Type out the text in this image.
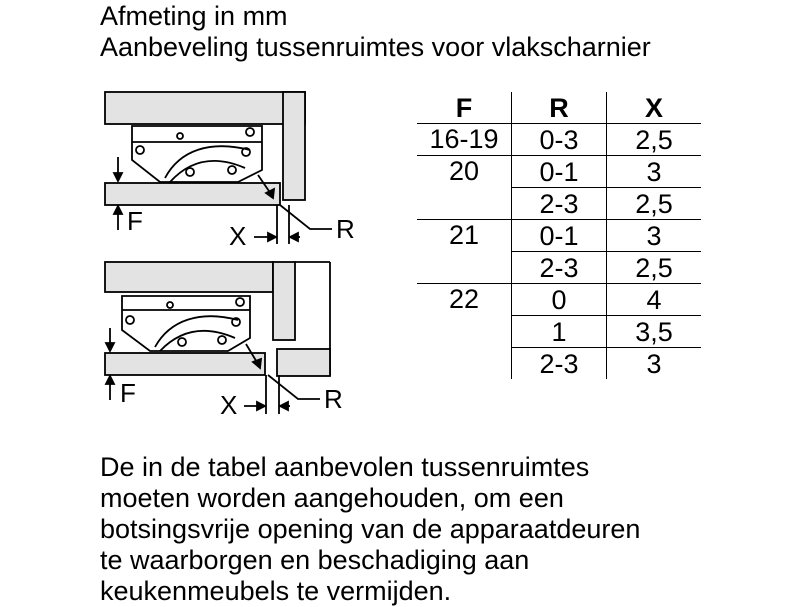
Afmeting in mm
Aanbeveling tussenruimtes voor vlakscharnier
F	X	R
F	X	R
F	R	X
16-19	0-3	2,5
20	0-1	3
	2-3	2,5
21	0-1	3
	2-3	2,5
22	0	4
	1	3,5
	2-3	3
De in de tabel aanbevolen tussenruimtes
moeten worden aangehouden, om een
botsingsvrije opening van de apparaatdeuren
te waarborgen en beschadiging aan
keukenmeubels te vermijden.
